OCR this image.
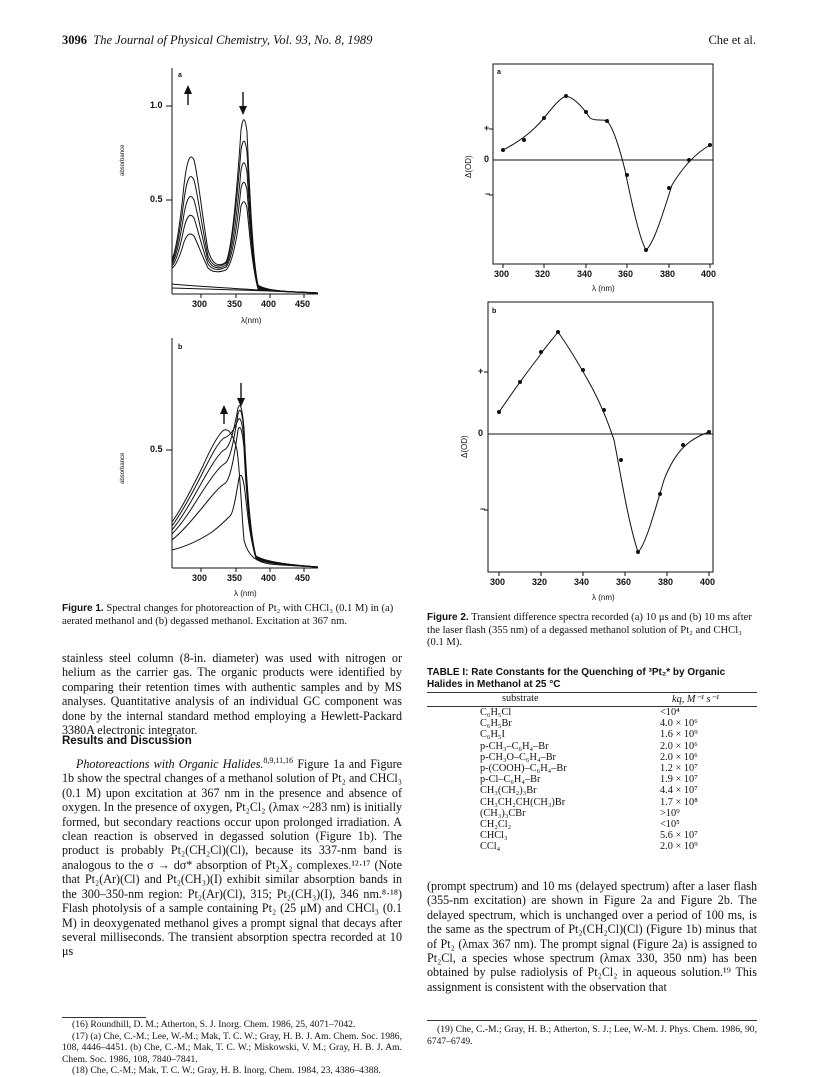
3096 The Journal of Physical Chemistry, Vol. 93, No. 8, 1989	Che et al.
a
1.0
0.5
absorbance
300 350 400 450
λ(nm)
b
0.5
absorbance
300 350 400 450
λ (nm)
Figure 1. Spectral changes for photoreaction of Pt₂ with CHCl₃ (0.1 M) in (a) aerated methanol and (b) degassed methanol. Excitation at 367 nm.
a
+
0
−
Δ(OD)
300	320	340	360	380	400
λ (nm)
b
+
0
−
Δ(OD)
300	320	340	360	380	400
λ (nm)
Figure 2. Transient difference spectra recorded (a) 10 μs and (b) 10 ms after the laser flash (355 nm) of a degassed methanol solution of Pt₂ and CHCl₃ (0.1 M).
stainless steel column (8-in. diameter) was used with nitrogen or helium as the carrier gas. The organic products were identified by comparing their retention times with authentic samples and by MS analyses. Quantitative analysis of an individual GC component was done by the internal standard method employing a Hewlett-Packard 3380A electronic integrator.
Results and Discussion
Photoreactions with Organic Halides.$^{8,9,11,16}$ Figure 1a and Figure 1b show the spectral changes of a methanol solution of Pt₂ and CHCl₃ (0.1 M) upon excitation at 367 nm in the presence and absence of oxygen. In the presence of oxygen, Pt₂Cl₂ (λmax ~283 nm) is initially formed, but secondary reactions occur upon prolonged irradiation. A clean reaction is observed in degassed solution (Figure 1b). The product is probably Pt₂(CH₂Cl)(Cl), because its 337-nm band is analogous to the σ → dσ* absorption of Pt₂X₂ complexes.¹²·¹⁷ (Note that Pt₂(Ar)(Cl) and Pt₂(CH₃)(I) exhibit similar absorption bands in the 300–350-nm region: Pt₂(Ar)(Cl), 315; Pt₂(CH₃)(I), 346 nm.⁸·¹⁸) Flash photolysis of a sample containing Pt₂ (25 μM) and CHCl₃ (0.1 M) in deoxygenated methanol gives a prompt signal that decays after several milliseconds. The transient absorption spectra recorded at 10 μs
(16) Roundhill, D. M.; Atherton, S. J. Inorg. Chem. 1986, 25, 4071–7042.
(17) (a) Che, C.-M.; Lee, W.-M.; Mak, T. C. W.; Gray, H. B. J. Am. Chem. Soc. 1986, 108, 4446–4451. (b) Che, C.-M.; Mak, T. C. W.; Miskowski, V. M.; Gray, H. B. J. Am. Chem. Soc. 1986, 108, 7840–7841.
(18) Che, C.-M.; Mak, T. C. W.; Gray, H. B. Inorg. Chem. 1984, 23, 4386–4388.
TABLE I: Rate Constants for the Quenching of ³Pt₂* by Organic Halides in Methanol at 25 °C
substrate	kq, M⁻¹ s⁻¹
C₆H₅Cl	<10⁴
C₆H₅Br	4.0 × 10⁶
C₆H₅I	1.6 × 10⁹
p-CH₃–C₆H₄–Br	2.0 × 10⁶
p-CH₃O–C₆H₄–Br	2.0 × 10⁶
p-(COOH)–C₆H₄–Br	1.2 × 10⁷
p-Cl–C₆H₄–Br	1.9 × 10⁷
CH₃(CH₂)₃Br	4.4 × 10⁷
CH₃CH₂CH(CH₃)Br	1.7 × 10⁸
(CH₃)₃CBr	>10⁹
CH₂Cl₂	<10⁵
CHCl₃	5.6 × 10⁷
CCl₄	2.0 × 10⁹
(prompt spectrum) and 10 ms (delayed spectrum) after a laser flash (355-nm excitation) are shown in Figure 2a and Figure 2b. The delayed spectrum, which is unchanged over a period of 100 ms, is the same as the spectrum of Pt₂(CH₂Cl)(Cl) (Figure 1b) minus that of Pt₂ (λmax 367 nm). The prompt signal (Figure 2a) is assigned to Pt₂Cl, a species whose spectrum (λmax 330, 350 nm) has been obtained by pulse radiolysis of Pt₂Cl₂ in aqueous solution.¹⁹ This assignment is consistent with the observation that
(19) Che, C.-M.; Gray, H. B.; Atherton, S. J.; Lee, W.-M. J. Phys. Chem. 1986, 90, 6747–6749.
